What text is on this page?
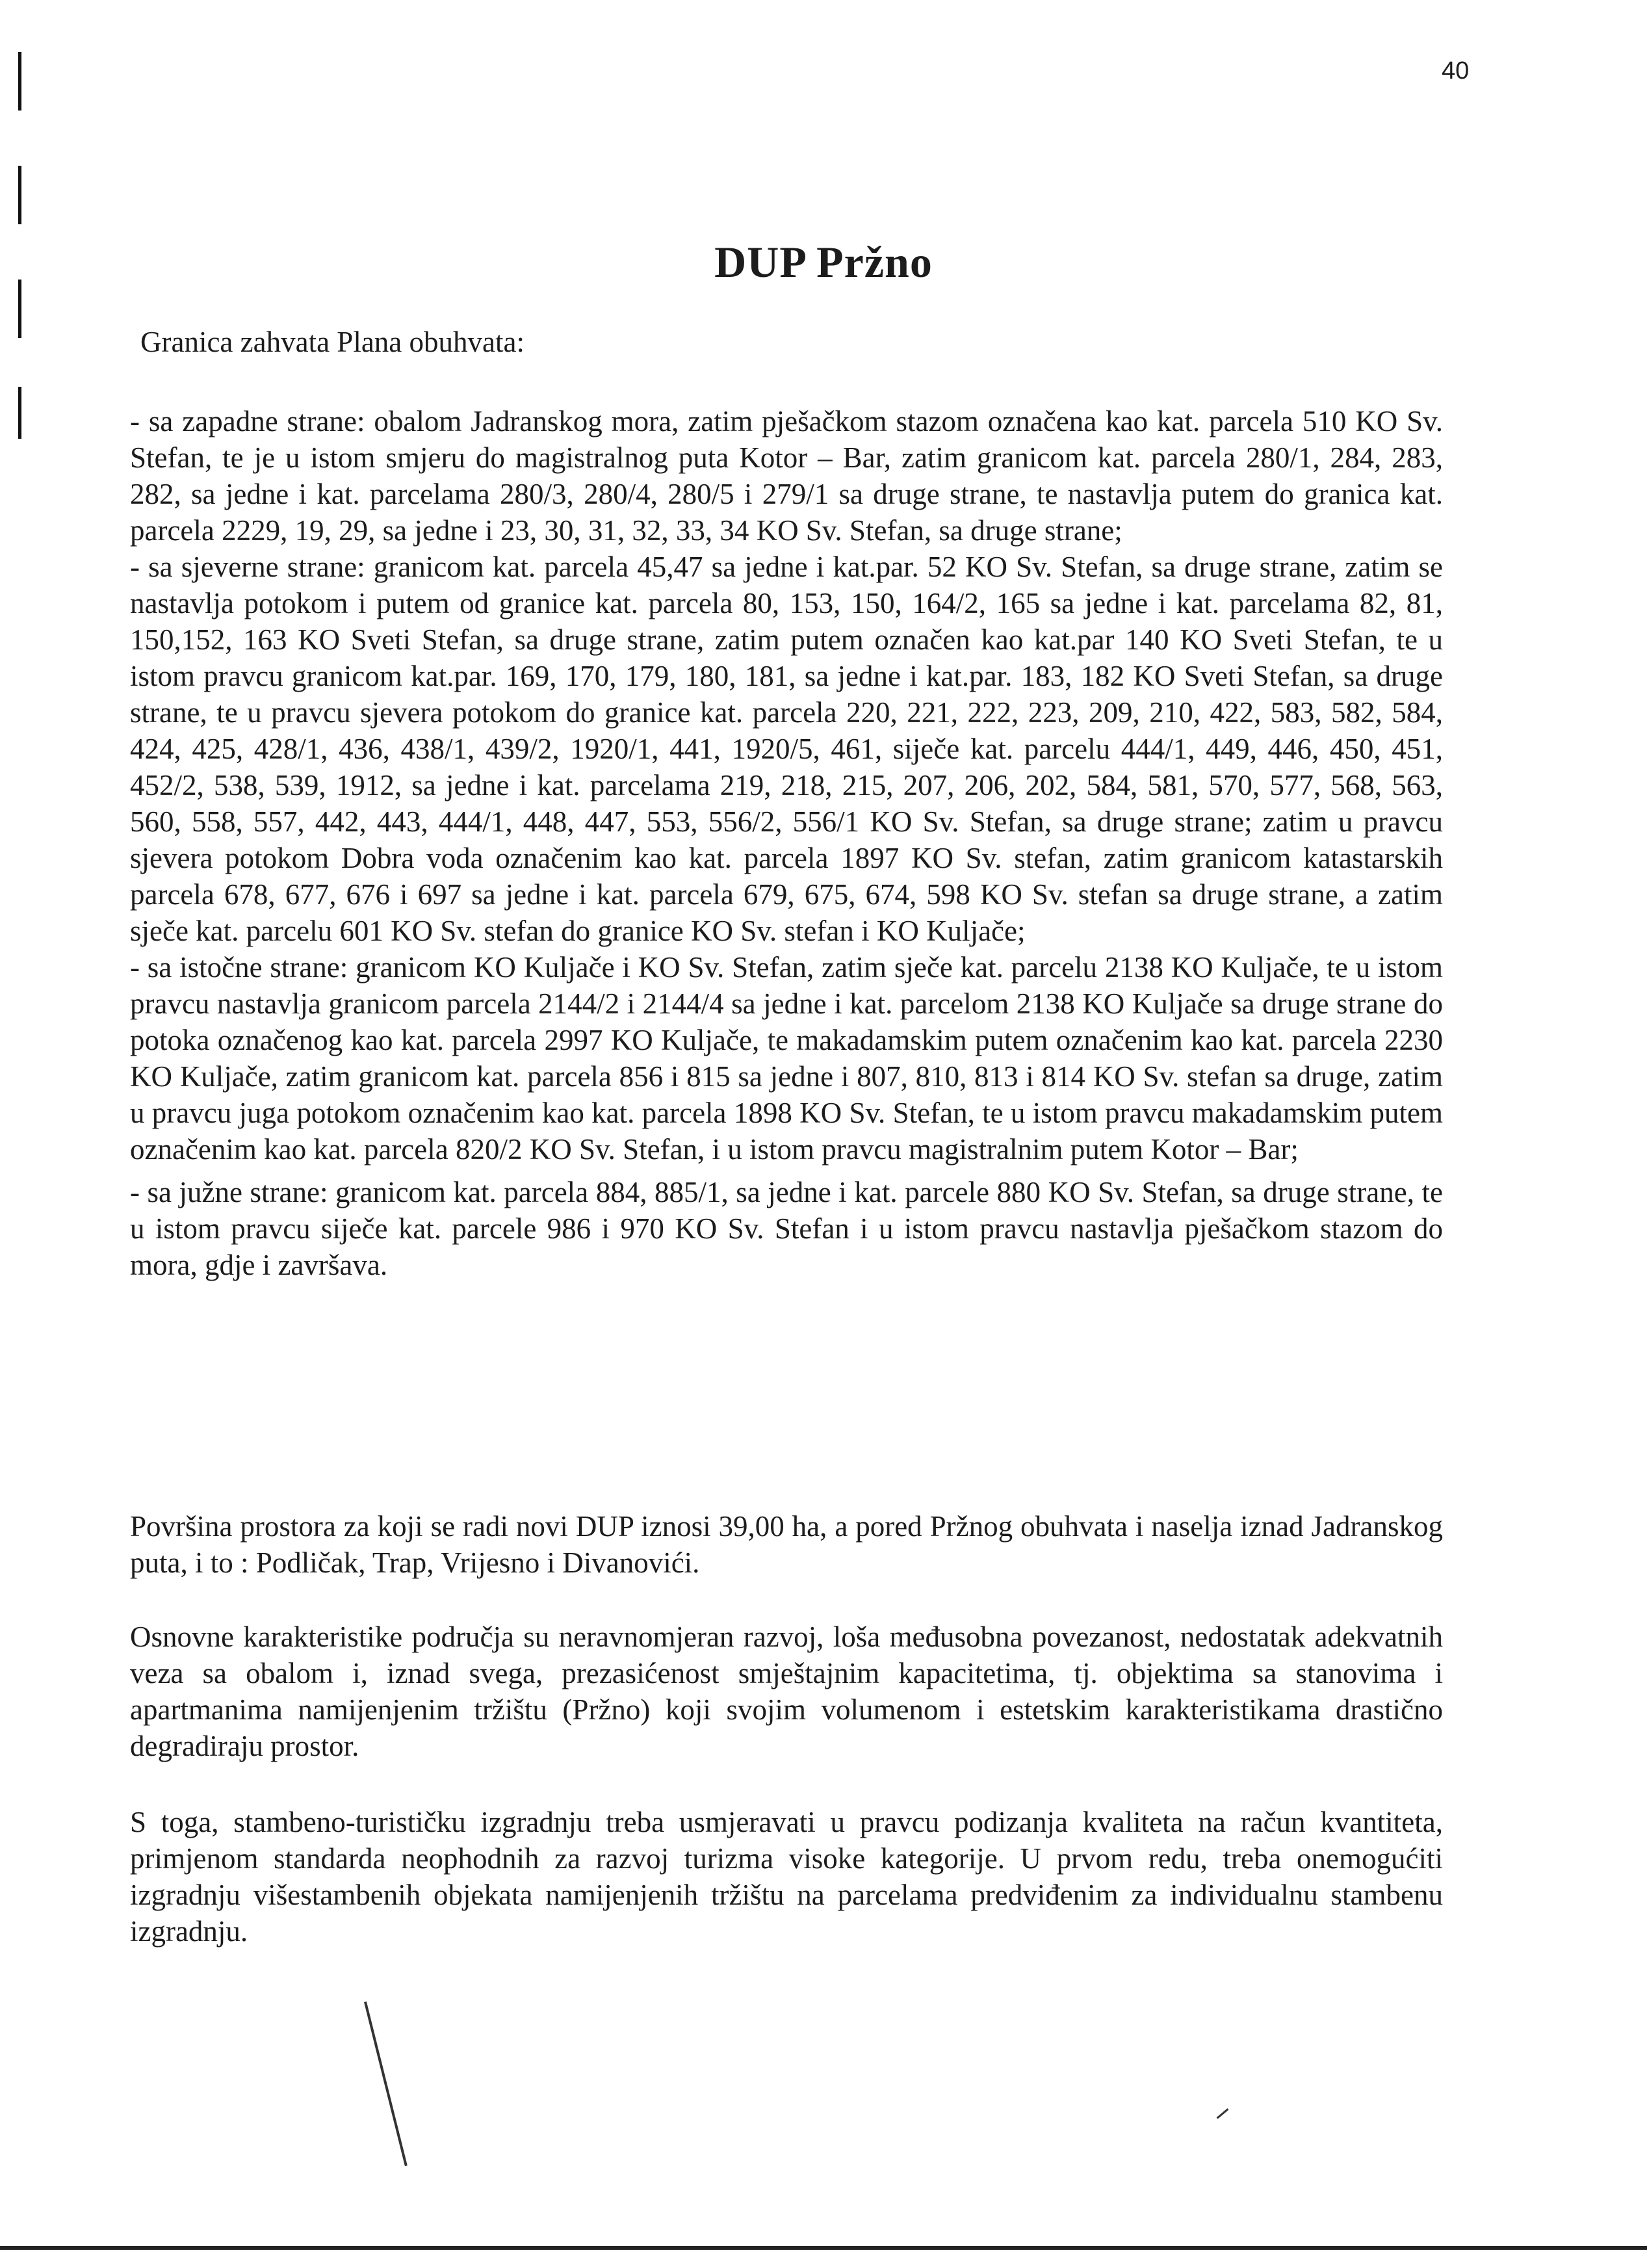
40
DUP Pržno

Granica zahvata Plana obuhvata:

- sa zapadne strane: obalom Jadranskog mora, zatim pješačkom stazom označena kao kat. parcela 510 KO Sv. Stefan, te je u istom smjeru do magistralnog puta Kotor – Bar, zatim granicom kat. parcela 280/1, 284, 283, 282, sa jedne i kat. parcelama 280/3, 280/4, 280/5 i 279/1 sa druge strane, te nastavlja putem do granica kat. parcela 2229, 19, 29, sa jedne i 23, 30, 31, 32, 33, 34 KO Sv. Stefan, sa druge strane;

- sa sjeverne strane: granicom kat. parcela 45,47 sa jedne i kat.par. 52 KO Sv. Stefan, sa druge strane, zatim se nastavlja potokom i putem od granice kat. parcela 80, 153, 150, 164/2, 165 sa jedne i kat. parcelama 82, 81, 150,152, 163 KO Sveti Stefan, sa druge strane, zatim putem označen kao kat.par 140 KO Sveti Stefan, te u istom pravcu granicom kat.par. 169, 170, 179, 180, 181, sa jedne i kat.par. 183, 182 KO Sveti Stefan, sa druge strane, te u pravcu sjevera potokom do granice kat. parcela 220, 221, 222, 223, 209, 210, 422, 583, 582, 584, 424, 425, 428/1, 436, 438/1, 439/2, 1920/1, 441, 1920/5, 461, siječe kat. parcelu 444/1, 449, 446, 450, 451, 452/2, 538, 539, 1912, sa jedne i kat. parcelama 219, 218, 215, 207, 206, 202, 584, 581, 570, 577, 568, 563, 560, 558, 557, 442, 443, 444/1, 448, 447, 553, 556/2, 556/1 KO Sv. Stefan, sa druge strane; zatim u pravcu sjevera potokom Dobra voda označenim kao kat. parcela 1897 KO Sv. stefan, zatim granicom katastarskih parcela 678, 677, 676 i 697 sa jedne i kat. parcela 679, 675, 674, 598 KO Sv. stefan sa druge strane, a zatim sječe kat. parcelu 601 KO Sv. stefan do granice KO Sv. stefan i KO Kuljače;

- sa istočne strane: granicom KO Kuljače i KO Sv. Stefan, zatim sječe kat. parcelu 2138 KO Kuljače, te u istom pravcu nastavlja granicom parcela 2144/2 i 2144/4 sa jedne i kat. parcelom 2138 KO Kuljače sa druge strane do potoka označenog kao kat. parcela 2997 KO Kuljače, te makadamskim putem označenim kao kat. parcela 2230 KO Kuljače, zatim granicom kat. parcela 856 i 815 sa jedne i 807, 810, 813 i 814 KO Sv. stefan sa druge, zatim u pravcu juga potokom označenim kao kat. parcela 1898 KO Sv. Stefan, te u istom pravcu makadamskim putem označenim kao kat. parcela 820/2 KO Sv. Stefan, i u istom pravcu magistralnim putem Kotor – Bar;

- sa južne strane: granicom kat. parcela 884, 885/1, sa jedne i kat. parcele 880 KO Sv. Stefan, sa druge strane, te u istom pravcu siječe kat. parcele 986 i 970 KO Sv. Stefan i u istom pravcu nastavlja pješačkom stazom do mora, gdje i završava.

Površina prostora za koji se radi novi DUP iznosi 39,00 ha, a pored Pržnog obuhvata i naselja iznad Jadranskog puta, i to : Podličak, Trap, Vrijesno i Divanovići.

Osnovne karakteristike područja su neravnomjeran razvoj, loša međusobna povezanost, nedostatak adekvatnih veza sa obalom i, iznad svega, prezasićenost smještajnim kapacitetima, tj. objektima sa stanovima i apartmanima namijenjenim tržištu (Pržno) koji svojim volumenom i estetskim karakteristikama drastično degradiraju prostor.

S toga, stambeno-turističku izgradnju treba usmjeravati u pravcu podizanja kvaliteta na račun kvantiteta, primjenom standarda neophodnih za razvoj turizma visoke kategorije. U prvom redu, treba onemogućiti izgradnju višestambenih objekata namijenjenih tržištu na parcelama predviđenim za individualnu stambenu izgradnju.
